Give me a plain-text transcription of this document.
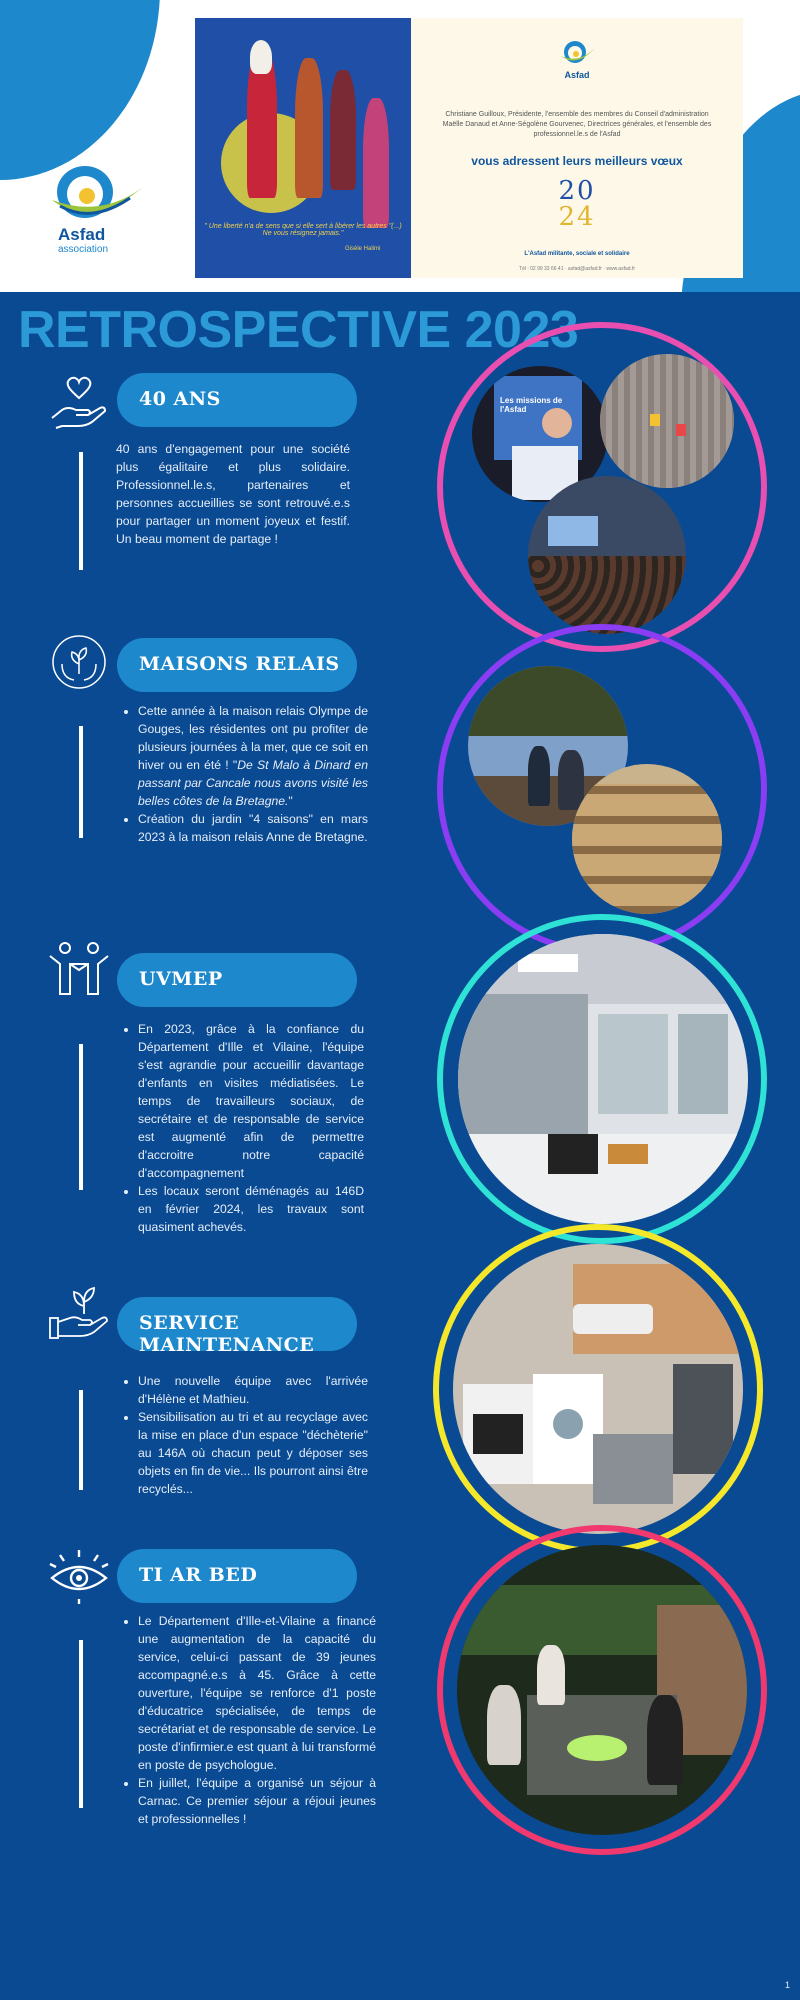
Asfad
association
" Une liberté n'a de sens que si elle sert à libérer les autres "(...) Ne vous résignez jamais."
Gisèle Halimi
Asfad
Christiane Guilloux, Présidente, l'ensemble des membres du Conseil d'administration Maëlle Danaud et Anne-Ségolène Gourvenec, Directrices générales, et l'ensemble des professionnel.le.s de l'Asfad
vous adressent leurs meilleurs vœux
20
24
L'Asfad militante, sociale et solidaire
Tél : 02 99 33 66 41 · asfad@asfad.fr · www.asfad.fr
RETROSPECTIVE 2023
40 ANS

40 ans d'engagement pour une société plus égalitaire et plus solidaire. Professionnel.le.s, partenaires et personnes accueillies se sont retrouvé.e.s pour partager un moment joyeux et festif. Un beau moment de partage !

Les missions de l'Asfad
MAISONS RELAIS
• Cette année à la maison relais Olympe de Gouges, les résidentes ont pu profiter de plusieurs journées à la mer, que ce soit en hiver ou en été ! "De St Malo à Dinard en passant par Cancale nous avons visité les belles côtes de la Bretagne."
• Création du jardin "4 saisons" en mars 2023 à la maison relais Anne de Bretagne.
UVMEP
• En 2023, grâce à la confiance du Département d'Ille et Vilaine, l'équipe s'est agrandie pour accueillir davantage d'enfants en visites médiatisées. Le temps de travailleurs sociaux, de secrétaire et de responsable de service est augmenté afin de permettre d'accroitre notre capacité d'accompagnement
• Les locaux seront déménagés au 146D en février 2024, les travaux sont quasiment achevés.
SERVICE MAINTENANCE
• Une nouvelle équipe avec l'arrivée d'Hélène et Mathieu.
• Sensibilisation au tri et au recyclage avec la mise en place d'un espace "déchèterie" au 146A où chacun peut y déposer ses objets en fin de vie... Ils pourront ainsi être recyclés...
TI AR BED
• Le Département d'Ille-et-Vilaine a financé une augmentation de la capacité du service, celui-ci passant de 39 jeunes accompagné.e.s à 45. Grâce à cette ouverture, l'équipe se renforce d'1 poste d'éducatrice spécialisée, de temps de secrétariat et de responsable de service. Le poste d'infirmier.e est quant à lui transformé en poste de psychologue.
• En juillet, l'équipe a organisé un séjour à Carnac. Ce premier séjour a réjoui jeunes et professionnelles !
1
